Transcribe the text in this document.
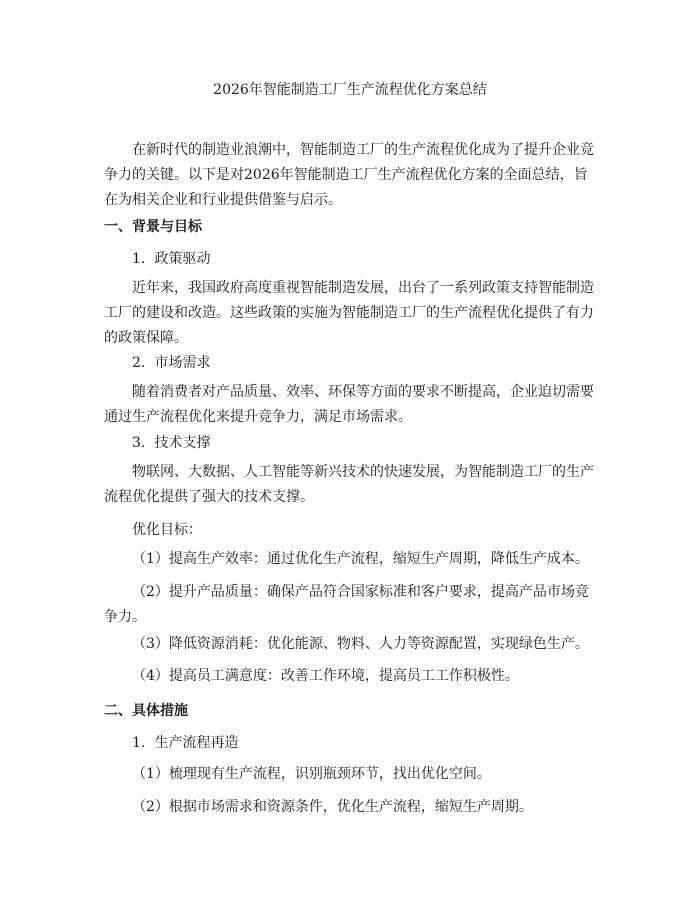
2026年智能制造工厂生产流程优化方案总结

在新时代的制造业浪潮中，智能制造工厂的生产流程优化成为了提升企业竞争力的关键。以下是对2026年智能制造工厂生产流程优化方案的全面总结，旨在为相关企业和行业提供借鉴与启示。

一、背景与目标

1. 政策驱动

近年来，我国政府高度重视智能制造发展，出台了一系列政策支持智能制造工厂的建设和改造。这些政策的实施为智能制造工厂的生产流程优化提供了有力的政策保障。

2. 市场需求

随着消费者对产品质量、效率、环保等方面的要求不断提高，企业迫切需要通过生产流程优化来提升竞争力，满足市场需求。

3. 技术支撑

物联网、大数据、人工智能等新兴技术的快速发展，为智能制造工厂的生产流程优化提供了强大的技术支撑。

优化目标：

（1）提高生产效率：通过优化生产流程，缩短生产周期，降低生产成本。

（2）提升产品质量：确保产品符合国家标准和客户要求，提高产品市场竞争力。

（3）降低资源消耗：优化能源、物料、人力等资源配置，实现绿色生产。

（4）提高员工满意度：改善工作环境，提高员工工作积极性。

二、具体措施

1. 生产流程再造

（1）梳理现有生产流程，识别瓶颈环节，找出优化空间。

（2）根据市场需求和资源条件，优化生产流程，缩短生产周期。
